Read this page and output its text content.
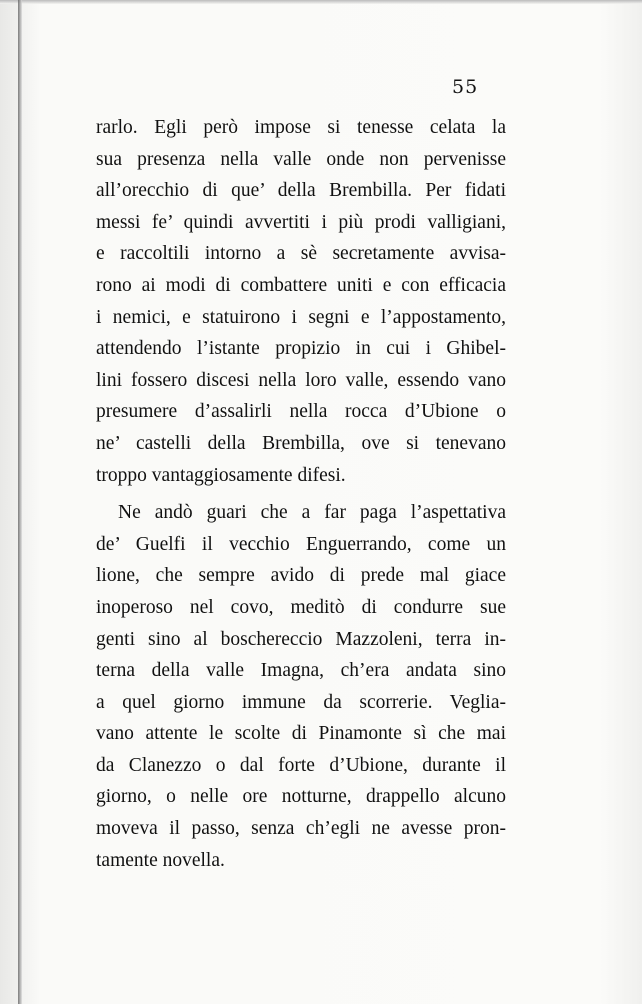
55
rarlo. Egli però impose si tenesse celata la
sua presenza nella valle onde non pervenisse
all’orecchio di que’ della Brembilla. Per fidati
messi fe’ quindi avvertiti i più prodi valligiani,
e raccoltili intorno a sè secretamente avvisa-
rono ai modi di combattere uniti e con efficacia
i nemici, e statuirono i segni e l’appostamento,
attendendo l’istante propizio in cui i Ghibel-
lini fossero discesi nella loro valle, essendo vano
presumere d’assalirli nella rocca d’Ubione o
ne’ castelli della Brembilla, ove si tenevano
troppo vantaggiosamente difesi.
Ne andò guari che a far paga l’aspettativa
de’ Guelfi il vecchio Enguerrando, come un
lione, che sempre avido di prede mal giace
inoperoso nel covo, meditò di condurre sue
genti sino al boschereccio Mazzoleni, terra in-
terna della valle Imagna, ch’era andata sino
a quel giorno immune da scorrerie. Veglia-
vano attente le scolte di Pinamonte sì che mai
da Clanezzo o dal forte d’Ubione, durante il
giorno, o nelle ore notturne, drappello alcuno
moveva il passo, senza ch’egli ne avesse pron-
tamente novella.
